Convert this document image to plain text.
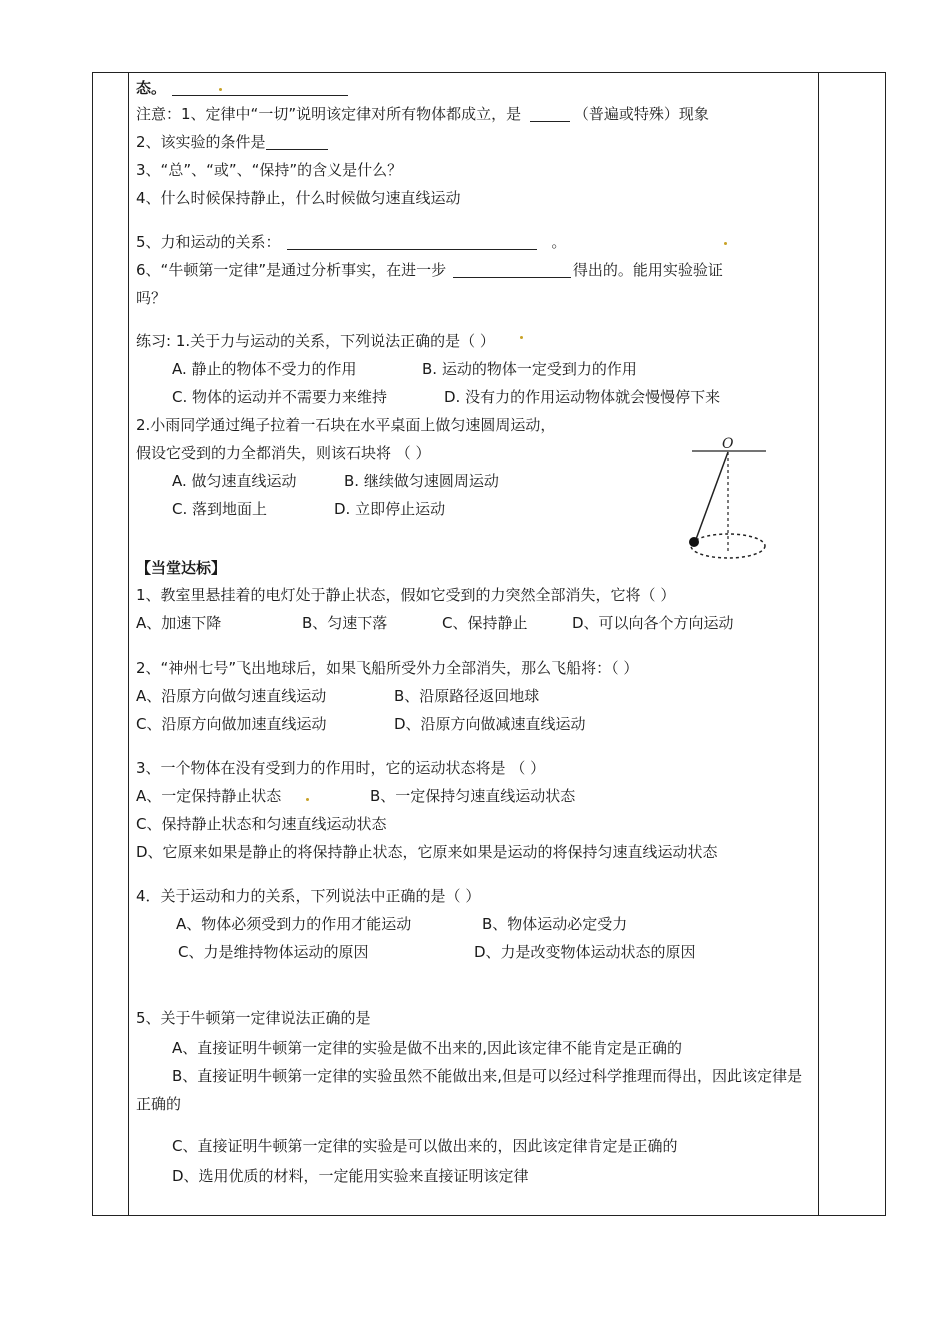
态。
注意：1、定律中“一切”说明该定律对所有物体都成立，是	（普遍或特殊）现象
2、该实验的条件是
3、“总”、“或”、“保持”的含义是什么？
4、什么时候保持静止，什么时候做匀速直线运动
5、力和运动的关系：	。
6、“牛顿第一定律”是通过分析事实，在进一步	得出的。能用实验验证
吗？
练习: 1.关于力与运动的关系，下列说法正确的是（ ）
A. 静止的物体不受力的作用	B. 运动的物体一定受到力的作用
C. 物体的运动并不需要力来维持	D. 没有力的作用运动物体就会慢慢停下来
2.小雨同学通过绳子拉着一石块在水平桌面上做匀速圆周运动，
假设它受到的力全都消失，则该石块将 （ ）
A. 做匀速直线运动	B. 继续做匀速圆周运动
C. 落到地面上	D. 立即停止运动
【当堂达标】
1、教室里悬挂着的电灯处于静止状态，假如它受到的力突然全部消失，它将（ ）
A、加速下降	B、匀速下落	C、保持静止	D、可以向各个方向运动
2、“神州七号”飞出地球后，如果飞船所受外力全部消失，那么飞船将：（ ）
A、沿原方向做匀速直线运动	B、沿原路径返回地球
C、沿原方向做加速直线运动	D、沿原方向做减速直线运动
3、一个物体在没有受到力的作用时，它的运动状态将是 （ ）
A、一定保持静止状态	B、一定保持匀速直线运动状态
C、保持静止状态和匀速直线运动状态
D、它原来如果是静止的将保持静止状态，它原来如果是运动的将保持匀速直线运动状态
4．关于运动和力的关系，下列说法中正确的是（ ）
A、物体必须受到力的作用才能运动	B、物体运动必定受力
C、力是维持物体运动的原因	D、力是改变物体运动状态的原因
5、关于牛顿第一定律说法正确的是
A、直接证明牛顿第一定律的实验是做不出来的,因此该定律不能肯定是正确的
B、直接证明牛顿第一定律的实验虽然不能做出来,但是可以经过科学推理而得出，因此该定律是正确的
C、直接证明牛顿第一定律的实验是可以做出来的，因此该定律肯定是正确的
D、选用优质的材料，一定能用实验来直接证明该定律
O
